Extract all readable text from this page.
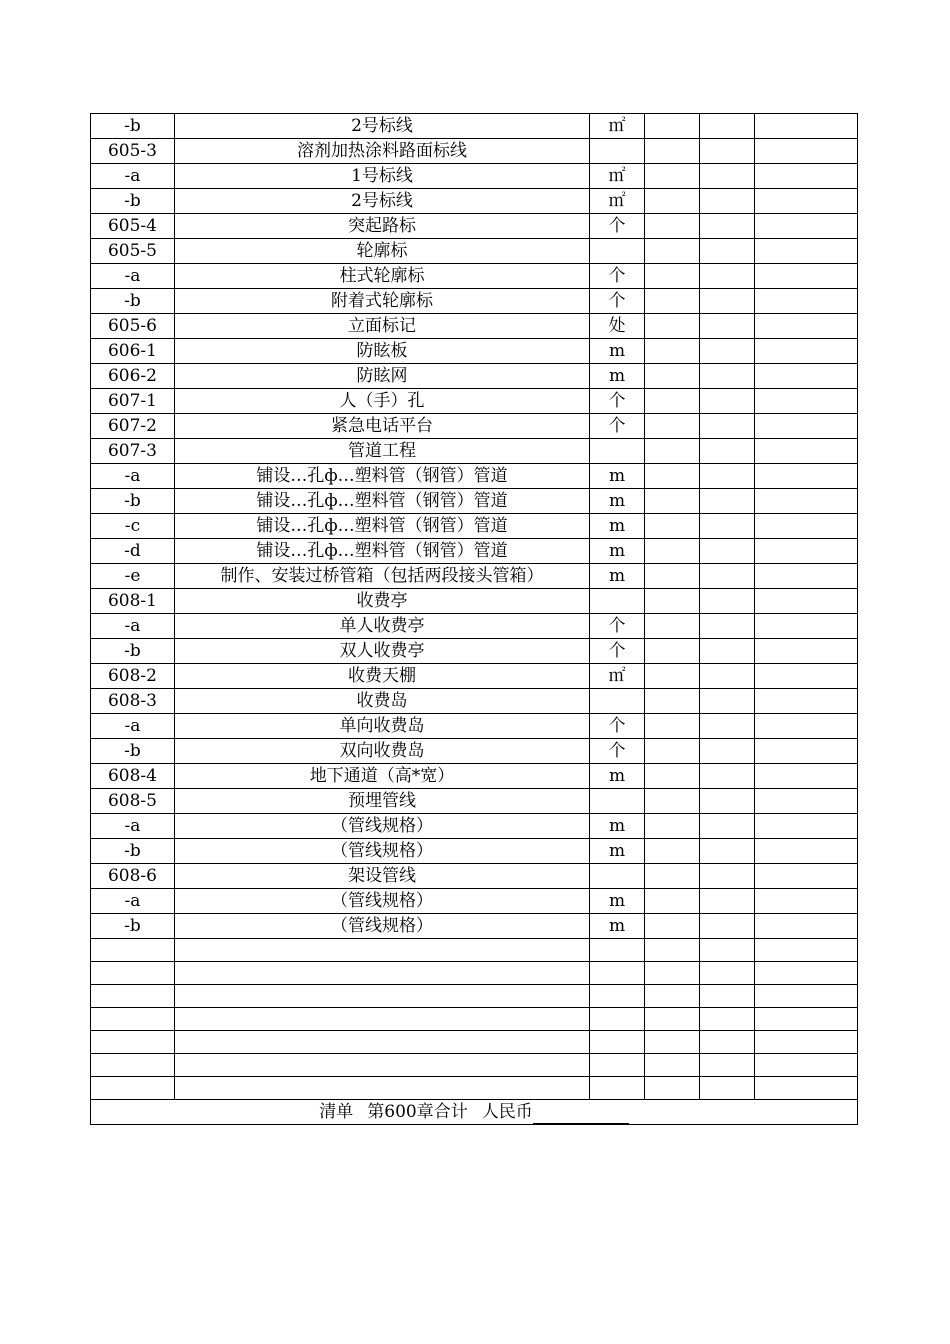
-b	2号标线	㎡			
605-3	溶剂加热涂料路面标线				
-a	1号标线	㎡			
-b	2号标线	㎡			
605-4	突起路标	个			
605-5	轮廓标				
-a	柱式轮廓标	个			
-b	附着式轮廓标	个			
605-6	立面标记	处			
606-1	防眩板	m			
606-2	防眩网	m			
607-1	人（手）孔	个			
607-2	紧急电话平台	个			
607-3	管道工程				
-a	铺设…孔ф…塑料管（钢管）管道	m			
-b	铺设…孔ф…塑料管（钢管）管道	m			
-c	铺设…孔ф…塑料管（钢管）管道	m			
-d	铺设…孔ф…塑料管（钢管）管道	m			
-e	制作、安装过桥管箱（包括两段接头管箱）	m			
608-1	收费亭				
-a	单人收费亭	个			
-b	双人收费亭	个			
608-2	收费天棚	㎡			
608-3	收费岛				
-a	单向收费岛	个			
-b	双向收费岛	个			
608-4	地下通道（高*宽）	m			
608-5	预埋管线				
-a	（管线规格）	m			
-b	（管线规格）	m			
608-6	架设管线				
-a	（管线规格）	m			
-b	（管线规格）	m			

清单 第600章合计 人民币					
